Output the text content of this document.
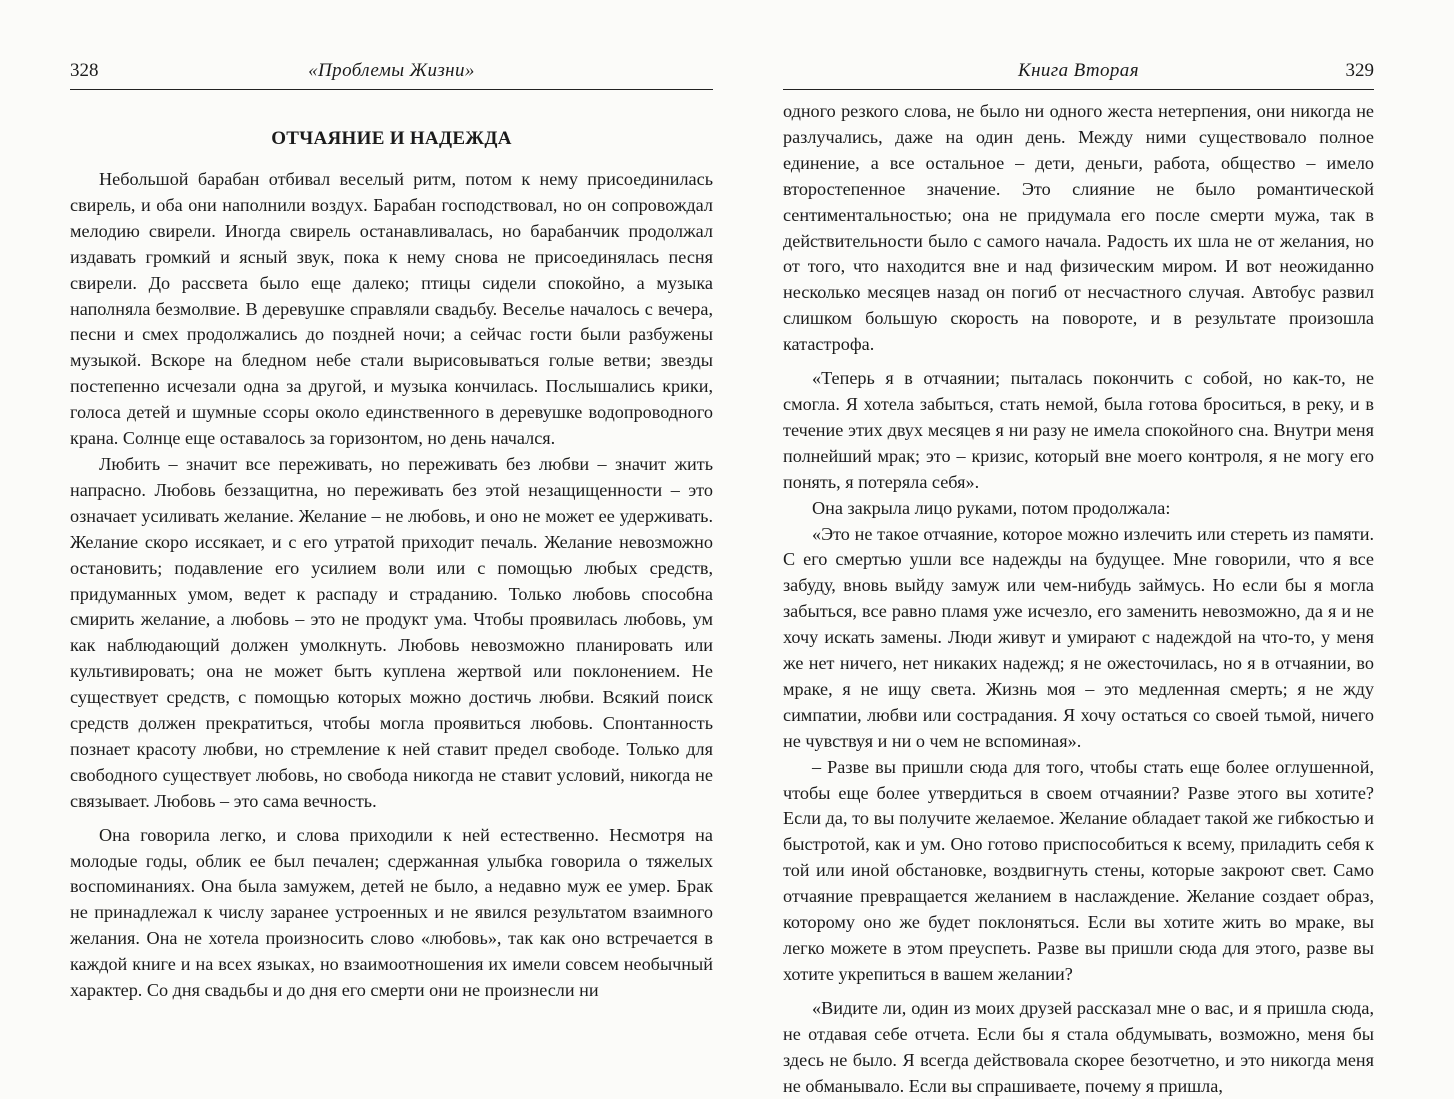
328	«Проблемы Жизни»
ОТЧАЯНИЕ И НАДЕЖДА

Небольшой барабан отбивал веселый ритм, потом к нему присоединилась свирель, и оба они наполнили воздух. Барабан господствовал, но он сопровождал мелодию свирели. Иногда свирель останавливалась, но барабанчик продолжал издавать громкий и ясный звук, пока к нему снова не присоединялась песня свирели. До рассвета было еще далеко; птицы сидели спокойно, а музыка наполняла безмолвие. В деревушке справляли свадьбу. Веселье началось с вечера, песни и смех продолжались до поздней ночи; а сейчас гости были разбужены музыкой. Вскоре на бледном небе стали вырисовываться голые ветви; звезды постепенно исчезали одна за другой, и музыка кончилась. Послышались крики, голоса детей и шумные ссоры около единственного в деревушке водопроводного крана. Солнце еще оставалось за горизонтом, но день начался.

Любить – значит все переживать, но переживать без любви – значит жить напрасно. Любовь беззащитна, но переживать без этой незащищенности – это означает усиливать желание. Желание – не любовь, и оно не может ее удерживать. Желание скоро иссякает, и с его утратой приходит печаль. Желание невозможно остановить; подавление его усилием воли или с помощью любых средств, придуманных умом, ведет к распаду и страданию. Только любовь способна смирить желание, а любовь – это не продукт ума. Чтобы проявилась любовь, ум как наблюдающий должен умолкнуть. Любовь невозможно планировать или культивировать; она не может быть куплена жертвой или поклонением. Не существует средств, с помощью которых можно достичь любви. Всякий поиск средств должен прекратиться, чтобы могла проявиться любовь. Спонтанность познает красоту любви, но стремление к ней ставит предел свободе. Только для свободного существует любовь, но свобода никогда не ставит условий, никогда не связывает. Любовь – это сама вечность.

Она говорила легко, и слова приходили к ней естественно. Несмотря на молодые годы, облик ее был печален; сдержанная улыбка говорила о тяжелых воспоминаниях. Она была замужем, детей не было, а недавно муж ее умер. Брак не принадлежал к числу заранее устроенных и не явился результатом взаимного желания. Она не хотела произносить слово «любовь», так как оно встречается в каждой книге и на всех языках, но взаимоотношения их имели совсем необычный характер. Со дня свадьбы и до дня его смерти они не произнесли ни

Книга Вторая	329

одного резкого слова, не было ни одного жеста нетерпения, они никогда не разлучались, даже на один день. Между ними существовало полное единение, а все остальное – дети, деньги, работа, общество – имело второстепенное значение. Это слияние не было романтической сентиментальностью; она не придумала его после смерти мужа, так в действительности было с самого начала. Радость их шла не от желания, но от того, что находится вне и над физическим миром. И вот неожиданно несколько месяцев назад он погиб от несчастного случая. Автобус развил слишком большую скорость на повороте, и в результате произошла катастрофа.

«Теперь я в отчаянии; пыталась покончить с собой, но как-то, не смогла. Я хотела забыться, стать немой, была готова броситься, в реку, и в течение этих двух месяцев я ни разу не имела спокойного сна. Внутри меня полнейший мрак; это – кризис, который вне моего контроля, я не могу его понять, я потеряла себя».

Она закрыла лицо руками, потом продолжала:

«Это не такое отчаяние, которое можно излечить или стереть из памяти. С его смертью ушли все надежды на будущее. Мне говорили, что я все забуду, вновь выйду замуж или чем-нибудь займусь. Но если бы я могла забыться, все равно пламя уже исчезло, его заменить невозможно, да я и не хочу искать замены. Люди живут и умирают с надеждой на что-то, у меня же нет ничего, нет никаких надежд; я не ожесточилась, но я в отчаянии, во мраке, я не ищу света. Жизнь моя – это медленная смерть; я не жду симпатии, любви или сострадания. Я хочу остаться со своей тьмой, ничего не чувствуя и ни о чем не вспоминая».

– Разве вы пришли сюда для того, чтобы стать еще более оглушенной, чтобы еще более утвердиться в своем отчаянии? Разве этого вы хотите? Если да, то вы получите желаемое. Желание обладает такой же гибкостью и быстротой, как и ум. Оно готово приспособиться к всему, приладить себя к той или иной обстановке, воздвигнуть стены, которые закроют свет. Само отчаяние превращается желанием в наслаждение. Желание создает образ, которому оно же будет поклоняться. Если вы хотите жить во мраке, вы легко можете в этом преуспеть. Разве вы пришли сюда для этого, разве вы хотите укрепиться в вашем желании?

«Видите ли, один из моих друзей рассказал мне о вас, и я пришла сюда, не отдавая себе отчета. Если бы я стала обдумывать, возможно, меня бы здесь не было. Я всегда действовала скорее безотчетно, и это никогда меня не обманывало. Если вы спрашиваете, почему я пришла,
